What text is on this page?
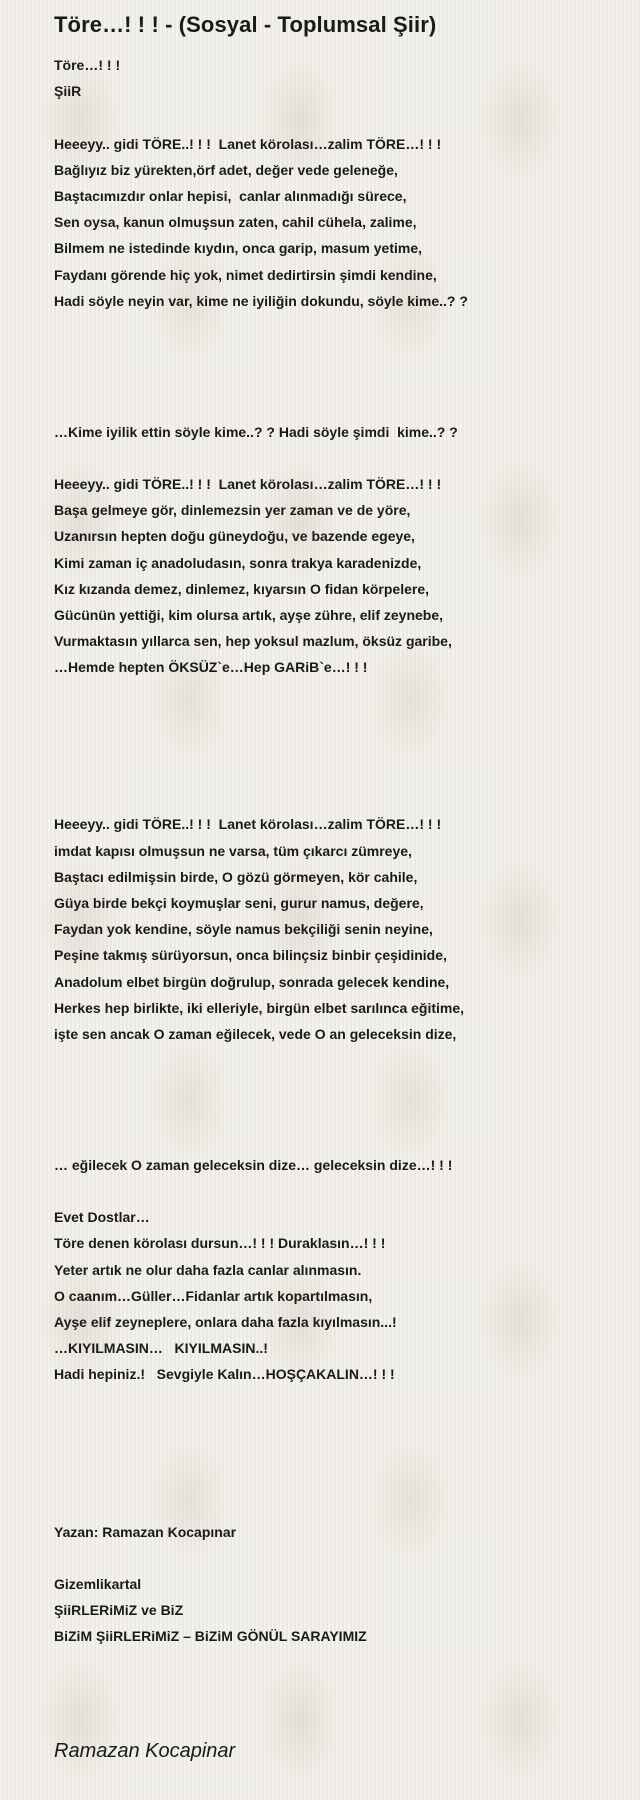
Töre…! ! ! - (Sosyal - Toplumsal Şiir)
Töre…! ! !
ŞiiR
Heeeyy.. gidi TÖRE..! ! !  Lanet körolası…zalim TÖRE…! ! !
Bağlıyız biz yürekten,örf adet, değer vede geleneğe,
Baştacımızdır onlar hepisi,  canlar alınmadığı sürece,
Sen oysa, kanun olmuşsun zaten, cahil cühela, zalime,
Bilmem ne istedinde kıydın, onca garip, masum yetime,
Faydanı görende hiç yok, nimet dedirtirsin şimdi kendine,
Hadi söyle neyin var, kime ne iyiliğin dokundu, söyle kime..? ?
…Kime iyilik ettin söyle kime..? ? Hadi söyle şimdi  kime..? ?
Heeeyy.. gidi TÖRE..! ! !  Lanet körolası…zalim TÖRE…! ! !
Başa gelmeye gör, dinlemezsin yer zaman ve de yöre,
Uzanırsın hepten doğu güneydoğu, ve bazende egeye,
Kimi zaman iç anadoludasın, sonra trakya karadenizde,
Kız kızanda demez, dinlemez, kıyarsın O fidan körpelere,
Gücünün yettiği, kim olursa artık, ayşe zühre, elif zeynebe,
Vurmaktasın yıllarca sen, hep yoksul mazlum, öksüz garibe,
…Hemde hepten ÖKSÜZ`e…Hep GARiB`e…! ! !
Heeeyy.. gidi TÖRE..! ! !  Lanet körolası…zalim TÖRE…! ! !
imdat kapısı olmuşsun ne varsa, tüm çıkarcı zümreye,
Baştacı edilmişsin birde, O gözü görmeyen, kör cahile,
Güya birde bekçi koymuşlar seni, gurur namus, değere,
Faydan yok kendine, söyle namus bekçiliği senin neyine,
Peşine takmış sürüyorsun, onca bilinçsiz binbir çeşidinide,
Anadolum elbet birgün doğrulup, sonrada gelecek kendine,
Herkes hep birlikte, iki elleriyle, birgün elbet sarılınca eğitime,
işte sen ancak O zaman eğilecek, vede O an geleceksin dize,
… eğilecek O zaman geleceksin dize… geleceksin dize…! ! !
Evet Dostlar…
Töre denen körolası dursun…! ! ! Duraklasın…! ! !
Yeter artık ne olur daha fazla canlar alınmasın.
O caanım…Güller…Fidanlar artık kopartılmasın,
Ayşe elif zeyneplere, onlara daha fazla kıyılmasın...!
…KIYILMASIN…   KIYILMASIN..!
Hadi hepiniz.!   Sevgiyle Kalın…HOŞÇAKALIN…! ! !
Yazan: Ramazan Kocapınar
Gizemlikartal
ŞiiRLERiMiZ ve BiZ
BiZiM ŞiiRLERiMiZ – BiZiM GÖNÜL SARAYIMIZ
Ramazan Kocapinar
